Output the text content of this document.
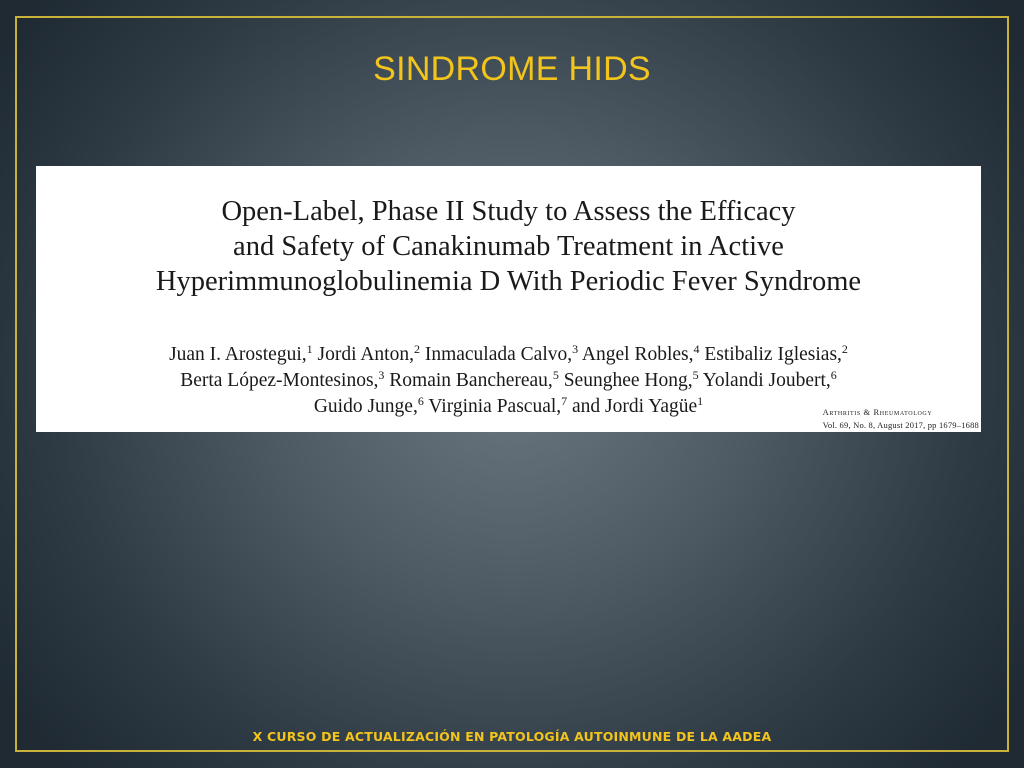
SINDROME HIDS
Open-Label, Phase II Study to Assess the Efficacy
and Safety of Canakinumab Treatment in Active
Hyperimmunoglobulinemia D With Periodic Fever Syndrome
Juan I. Arostegui,$^1$ Jordi Anton,$^2$ Inmaculada Calvo,$^3$ Angel Robles,$^4$ Estibaliz Iglesias,$^2$
Berta López-Montesinos,$^3$ Romain Banchereau,$^5$ Seunghee Hong,$^5$ Yolandi Joubert,$^6$
Guido Junge,$^6$ Virginia Pascual,$^7$ and Jordi Yagüe$^1$
Arthritis & Rheumatology
Vol. 69, No. 8, August 2017, pp 1679–1688
X CURSO DE ACTUALIZACIÓN EN PATOLOGÍA AUTOINMUNE DE LA AADEA
